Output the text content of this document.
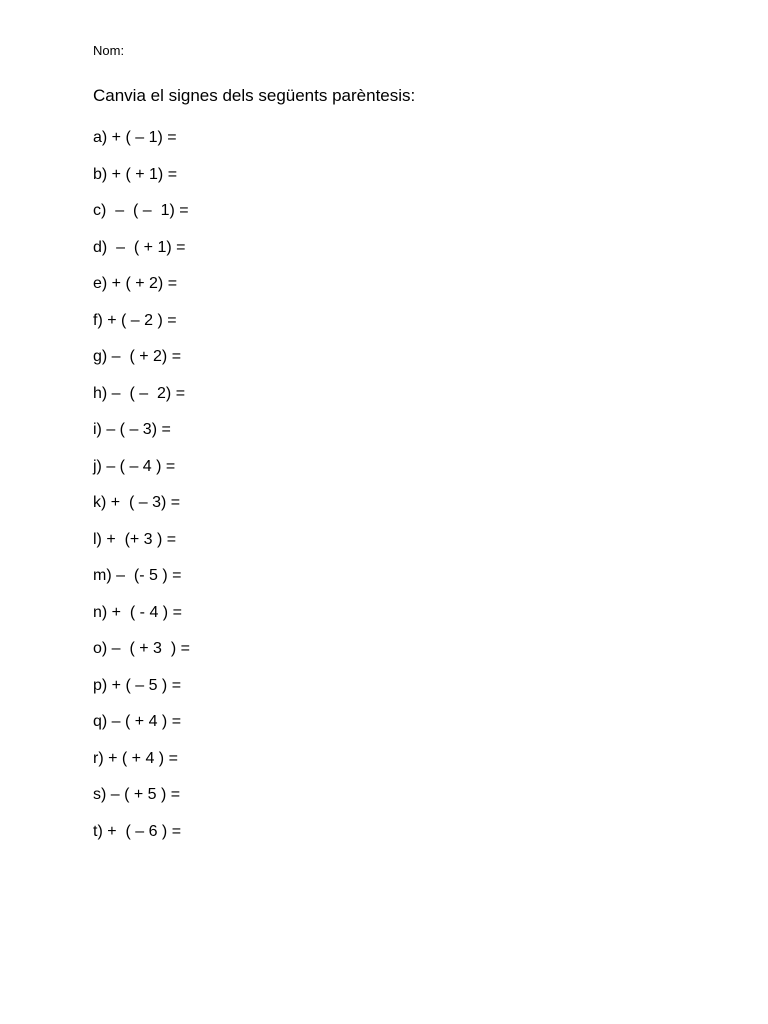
Nom:
Canvia el signes dels següents parèntesis:
a) + ( – 1) =
b) + ( + 1) =
c)  –  ( –  1) =
d)  –  ( + 1) =
e) + ( + 2) =
f) + ( – 2 ) =
g) –  ( + 2) =
h) –  ( –  2) =
i) – ( – 3) =
j) – ( – 4 ) =
k) +  ( – 3) =
l) +  (+ 3 ) =
m) –  (- 5 ) =
n) +  ( - 4 ) =
o) –  ( + 3  ) =
p) + ( – 5 ) =
q) – ( + 4 ) =
r) + ( + 4 ) =
s) – ( + 5 ) =
t) +  ( – 6 ) =
